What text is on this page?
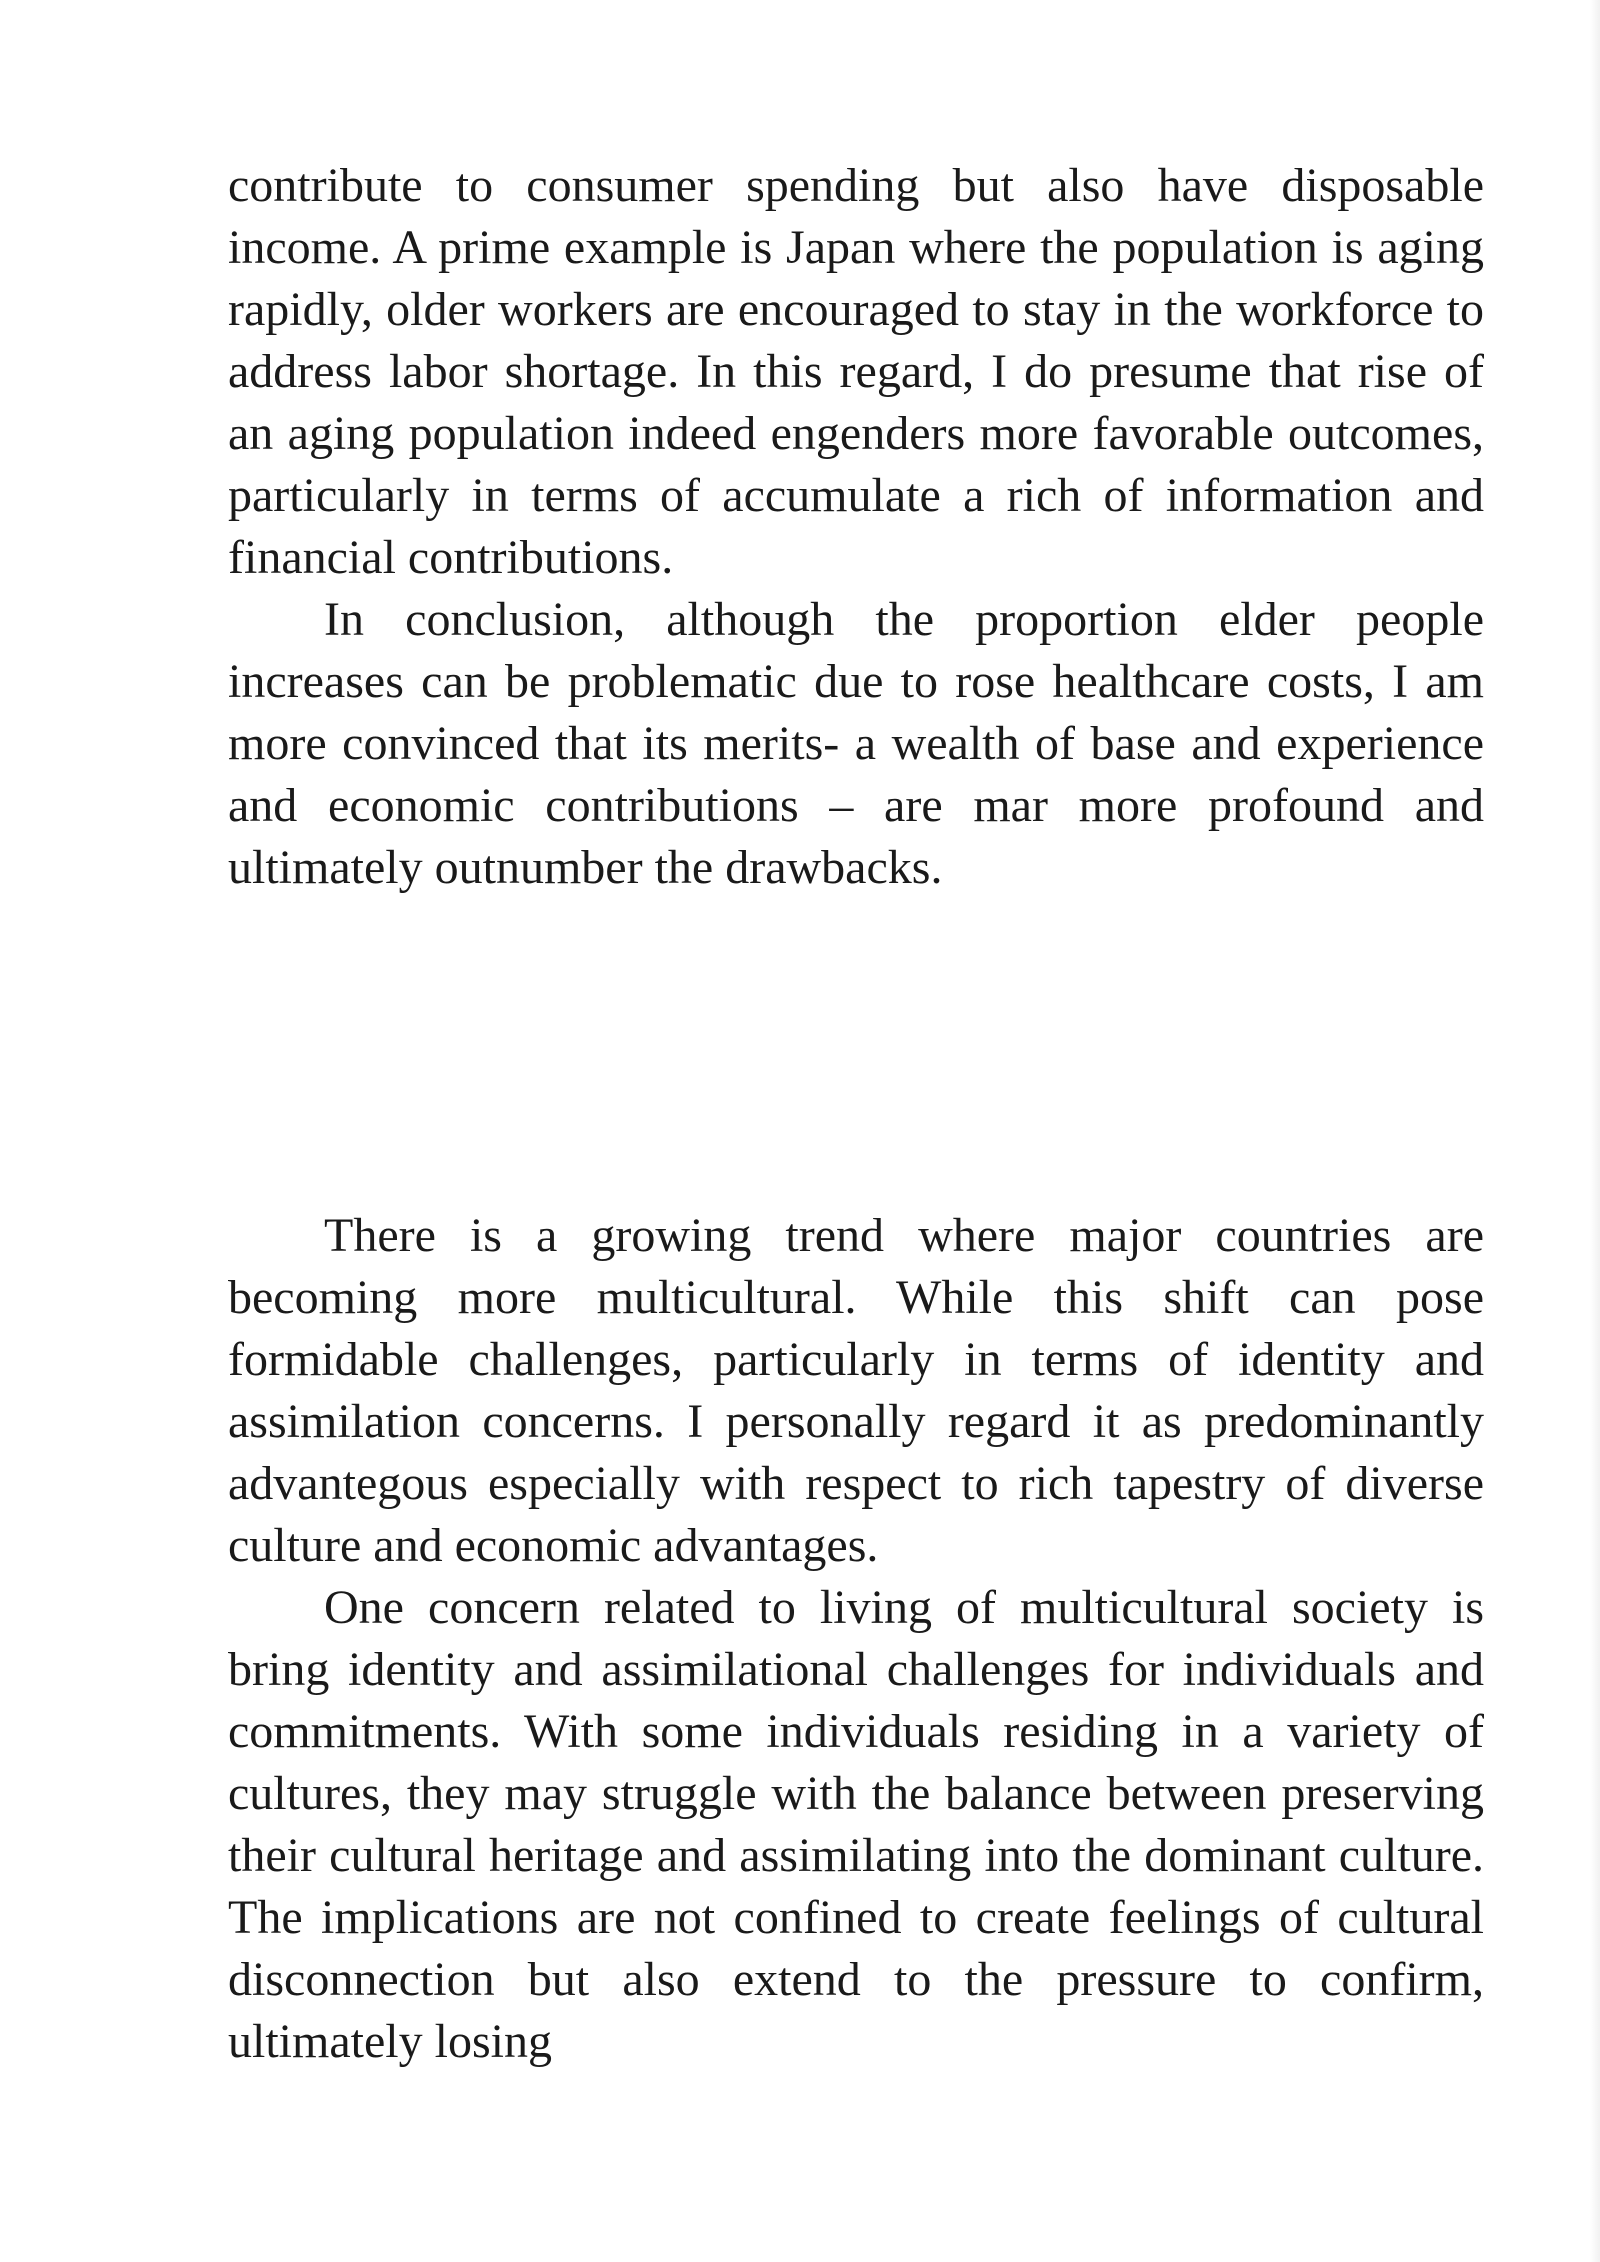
contribute to consumer spending but also have disposable income. A prime example is Japan where the population is aging rapidly, older workers are encouraged to stay in the workforce to address labor shortage. In this regard, I do presume that rise of an aging population indeed engenders more favorable outcomes, particularly in terms of accumulate a rich of information and financial contributions.

In conclusion, although the proportion elder people increases can be problematic due to rose healthcare costs, I am more convinced that its merits- a wealth of base and experience and economic contributions – are mar more profound and ultimately outnumber the drawbacks.

There is a growing trend where major countries are becoming more multicultural. While this shift can pose formidable challenges, particularly in terms of identity and assimilation concerns. I personally regard it as predominantly advantegous especially with respect to rich tapestry of diverse culture and economic advantages.

One concern related to living of multicultural society is bring identity and assimilational challenges for individuals and commitments. With some individuals residing in a variety of cultures, they may struggle with the balance between preserving their cultural heritage and assimilating into the dominant culture. The implications are not confined to create feelings of cultural disconnection but also extend to the pressure to confirm, ultimately losing
